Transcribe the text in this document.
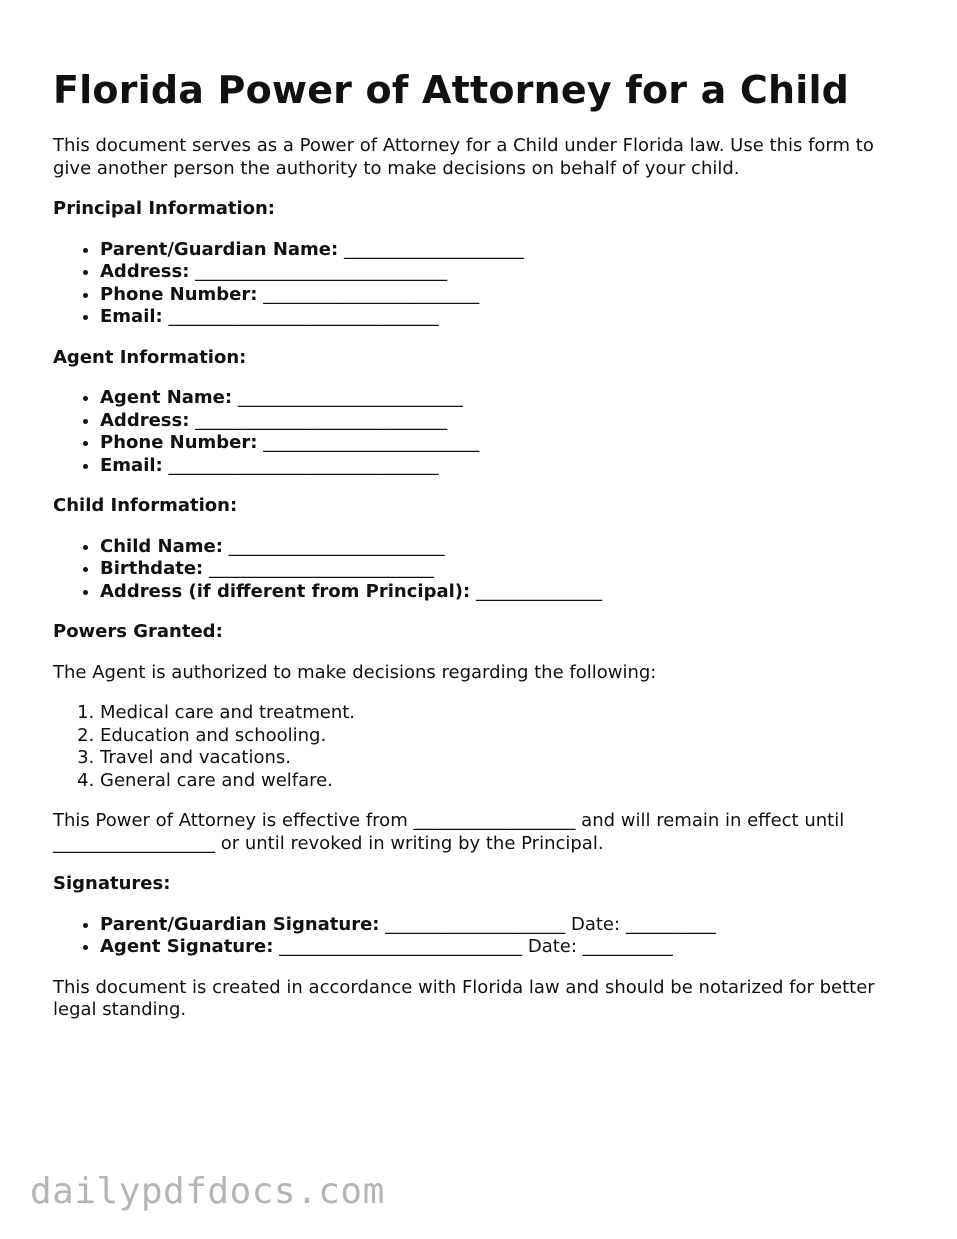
Florida Power of Attorney for a Child

This document serves as a Power of Attorney for a Child under Florida law. Use this form to give another person the authority to make decisions on behalf of your child.

Principal Information:
• Parent/Guardian Name: ____________________
• Address: ____________________________
• Phone Number: ________________________
• Email: ______________________________
Agent Information:
• Agent Name: _________________________
• Address: ____________________________
• Phone Number: ________________________
• Email: ______________________________
Child Information:
• Child Name: ________________________
• Birthdate: _________________________
• Address (if different from Principal): ______________
Powers Granted:

The Agent is authorized to make decisions regarding the following:

1. Medical care and treatment.
2. Education and schooling.
3. Travel and vacations.
4. General care and welfare.

This Power of Attorney is effective from __________________ and will remain in effect until __________________ or until revoked in writing by the Principal.

Signatures:
• Parent/Guardian Signature: ____________________ Date: __________
• Agent Signature: ___________________________ Date: __________

This document is created in accordance with Florida law and should be notarized for better legal standing.

dailypdfdocs.com
